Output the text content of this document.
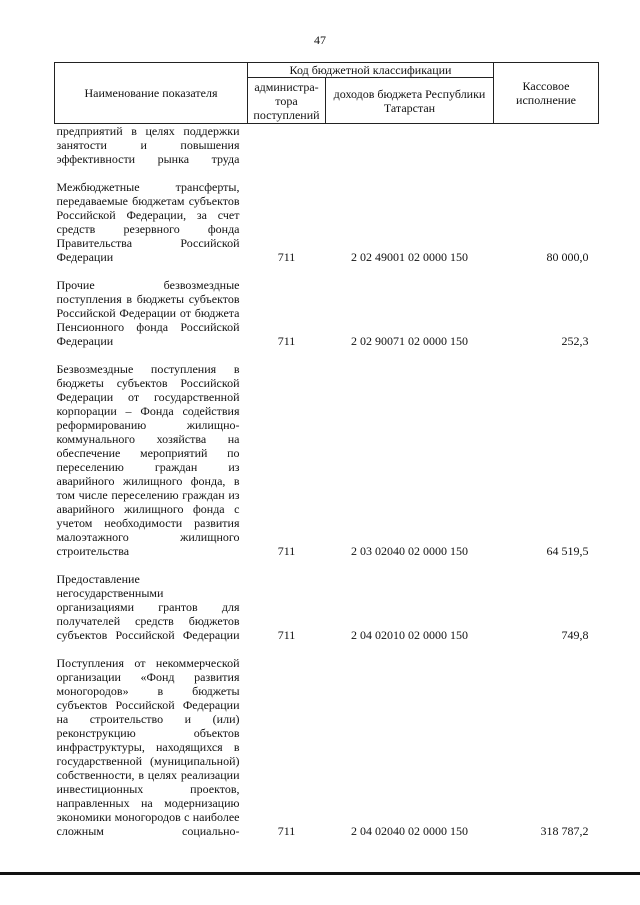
47
Наименование показателя	Код бюджетной классификации		Кассовое исполнение
	администра-тора поступлений	доходов бюджета Республики Татарстан	
предприятий в целях поддержки занятости и повышения эффективности рынка труда			

Межбюджетные трансферты, передаваемые бюджетам субъектов Российской Федерации, за счет средств резервного фонда Правительства Российской Федерации	711	2 02 49001 02 0000 150	80 000,0

Прочие безвозмездные поступления в бюджеты субъектов Российской Федерации от бюджета Пенсионного фонда Российской Федерации	711	2 02 90071 02 0000 150	252,3

Безвозмездные поступления в бюджеты субъектов Российской Федерации от государственной корпорации – Фонда содействия реформированию жилищно-коммунального хозяйства на обеспечение мероприятий по переселению граждан из аварийного жилищного фонда, в том числе переселению граждан из аварийного жилищного фонда с учетом необходимости развития малоэтажного жилищного строительства	711	2 03 02040 02 0000 150	64 519,5

Предоставление негосударственными организациями грантов для получателей средств бюджетов субъектов Российской Федерации	711	2 04 02010 02 0000 150	749,8

Поступления от некоммерческой организации «Фонд развития моногородов» в бюджеты субъектов Российской Федерации на строительство и (или) реконструкцию объектов инфраструктуры, находящихся в государственной (муниципальной) собственности, в целях реализации инвестиционных проектов, направленных на модернизацию экономики моногородов с наиболее сложным социально-	711	2 04 02040 02 0000 150	318 787,2
